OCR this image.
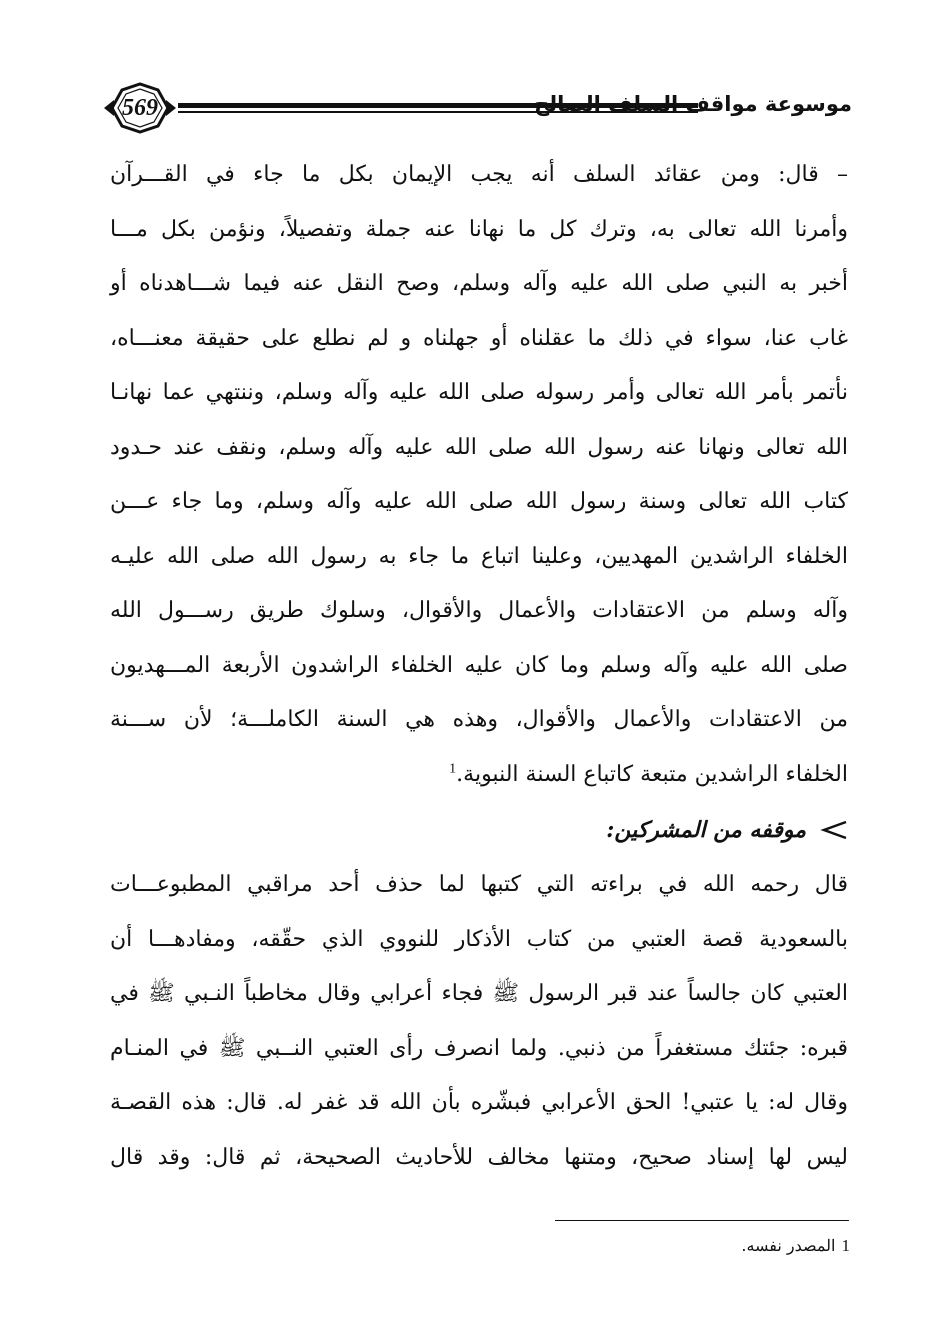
569	موسوعة مواقف السلف الصالح
– قال: ومن عقائد السلف أنه يجب الإيمان بكل ما جاء في القـــرآن
وأمرنا الله تعالى به، وترك كل ما نهانا عنه جملة وتفصيلاً، ونؤمن بكل مـــا
أخبر به النبي صلى الله عليه وآله وسلم، وصح النقل عنه فيما شـــاهدناه أو
غاب عنا، سواء في ذلك ما عقلناه أو جهلناه و لم نطلع على حقيقة معنـــاه،
نأتمر بأمر الله تعالى وأمر رسوله صلى الله عليه وآله وسلم، وننتهي عما نهانـا
الله تعالى ونهانا عنه رسول الله صلى الله عليه وآله وسلم، ونقف عند حـدود
كتاب الله تعالى وسنة رسول الله صلى الله عليه وآله وسلم، وما جاء عـــن
الخلفاء الراشدين المهديين، وعلينا اتباع ما جاء به رسول الله صلى الله عليـه
وآله وسلم من الاعتقادات والأعمال والأقوال، وسلوك طريق رســـول الله
صلى الله عليه وآله وسلم وما كان عليه الخلفاء الراشدون الأربعة المـــهديون
من الاعتقادات والأعمال والأقوال، وهذه هي السنة الكاملـــة؛ لأن ســـنة
الخلفاء الراشدين متبعة كاتباع السنة النبوية.$^1$
موقفه من المشركين:
قال رحمه الله في براءته التي كتبها لما حذف أحد مراقبي المطبوعـــات
بالسعودية قصة العتبي من كتاب الأذكار للنووي الذي حقّقه، ومفادهـــا أن
العتبي كان جالساً عند قبر الرسول ﷺ فجاء أعرابي وقال مخاطباً النـبي ﷺ في
قبره: جئتك مستغفراً من ذنبي. ولما انصرف رأى العتبي النــبي ﷺ في المنـام
وقال له: يا عتبي! الحق الأعرابي فبشّره بأن الله قد غفر له. قال: هذه القصـة
ليس لها إسناد صحيح، ومتنها مخالف للأحاديث الصحيحة، ثم قال: وقد قال
1المصدر نفسه.
